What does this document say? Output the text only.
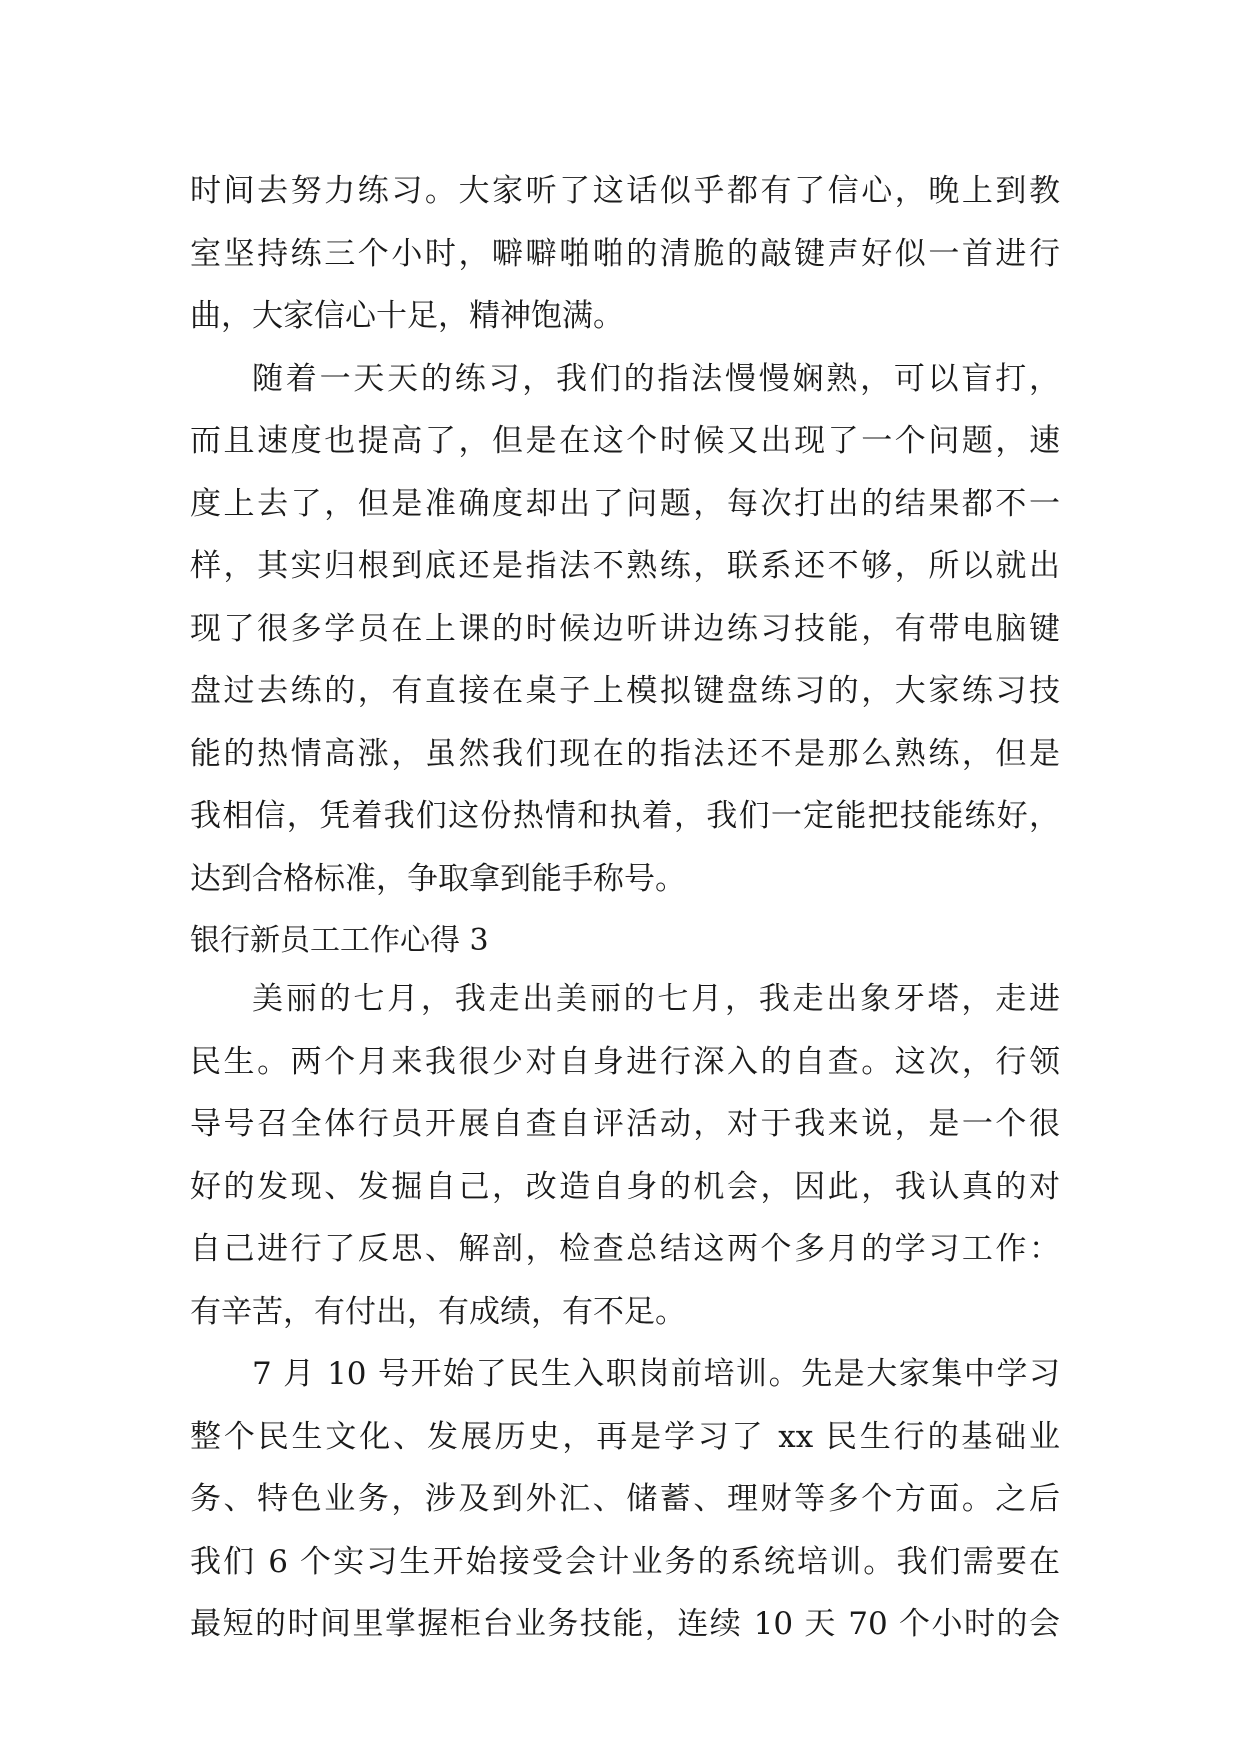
时间去努力练习。大家听了这话似乎都有了信心，晚上到教
室坚持练三个小时，噼噼啪啪的清脆的敲键声好似一首进行
曲，大家信心十足，精神饱满。
随着一天天的练习，我们的指法慢慢娴熟，可以盲打，
而且速度也提高了，但是在这个时候又出现了一个问题，速
度上去了，但是准确度却出了问题，每次打出的结果都不一
样，其实归根到底还是指法不熟练，联系还不够，所以就出
现了很多学员在上课的时候边听讲边练习技能，有带电脑键
盘过去练的，有直接在桌子上模拟键盘练习的，大家练习技
能的热情高涨，虽然我们现在的指法还不是那么熟练，但是
我相信，凭着我们这份热情和执着，我们一定能把技能练好，
达到合格标准，争取拿到能手称号。
银行新员工工作心得 3
美丽的七月，我走出美丽的七月，我走出象牙塔，走进
民生。两个月来我很少对自身进行深入的自查。这次，行领
导号召全体行员开展自查自评活动，对于我来说，是一个很
好的发现、发掘自己，改造自身的机会，因此，我认真的对
自己进行了反思、解剖，检查总结这两个多月的学习工作：
有辛苦，有付出，有成绩，有不足。
7 月 10 号开始了民生入职岗前培训。先是大家集中学习
整个民生文化、发展历史，再是学习了 xx 民生行的基础业
务、特色业务，涉及到外汇、储蓄、理财等多个方面。之后
我们 6 个实习生开始接受会计业务的系统培训。我们需要在
最短的时间里掌握柜台业务技能，连续 10 天 70 个小时的会
